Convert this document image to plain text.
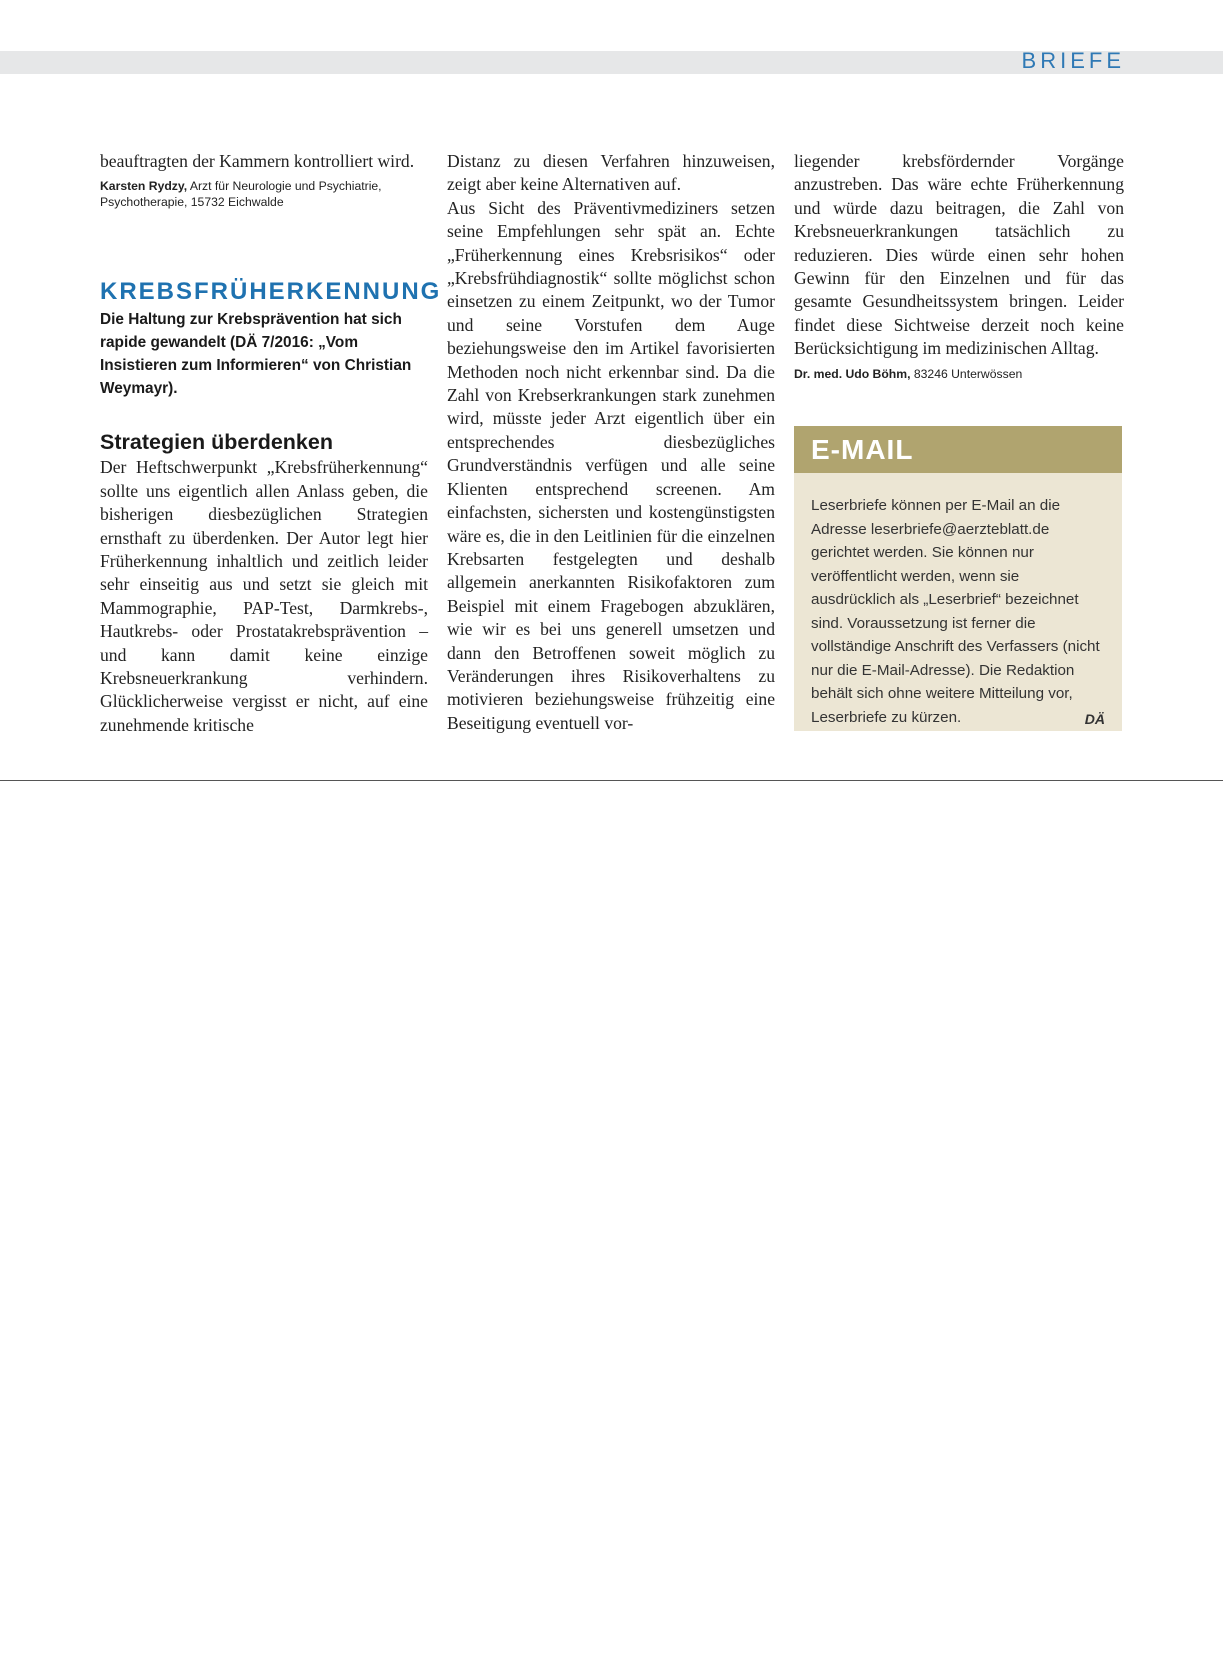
BRIEFE

beauftragten der Kammern kontrolliert wird.

Karsten Rydzy, Arzt für Neurologie und Psychiatrie, Psychotherapie, 15732 Eichwalde

KREBSFRÜHERKENNUNG

Die Haltung zur Krebsprävention hat sich rapide gewandelt (DÄ 7/2016: „Vom Insistieren zum Informieren“ von Christian Weymayr).

Strategien überdenken

Der Heftschwerpunkt „Krebsfrüherkennung“ sollte uns eigentlich allen Anlass geben, die bisherigen diesbezüglichen Strategien ernsthaft zu überdenken. Der Autor legt hier Früherkennung inhaltlich und zeitlich leider sehr einseitig aus und setzt sie gleich mit Mammographie, PAP-Test, Darmkrebs-, Hautkrebs- oder Prostatakrebsprävention – und kann damit keine einzige Krebsneuerkrankung verhindern. Glücklicherweise vergisst er nicht, auf eine zunehmende kritische

Distanz zu diesen Verfahren hinzuweisen, zeigt aber keine Alternativen auf.

Aus Sicht des Präventivmediziners setzen seine Empfehlungen sehr spät an. Echte „Früherkennung eines Krebsrisikos“ oder „Krebsfrühdiagnostik“ sollte möglichst schon einsetzen zu einem Zeitpunkt, wo der Tumor und seine Vorstufen dem Auge beziehungsweise den im Artikel favorisierten Methoden noch nicht erkennbar sind. Da die Zahl von Krebserkrankungen stark zunehmen wird, müsste jeder Arzt eigentlich über ein entsprechendes diesbezügliches Grundverständnis verfügen und alle seine Klienten entsprechend screenen. Am einfachsten, sichersten und kostengünstigsten wäre es, die in den Leitlinien für die einzelnen Krebsarten festgelegten und deshalb allgemein anerkannten Risikofaktoren zum Beispiel mit einem Fragebogen abzuklären, wie wir es bei uns generell umsetzen und dann den Betroffenen soweit möglich zu Veränderungen ihres Risikoverhaltens zu motivieren beziehungsweise frühzeitig eine Beseitigung eventuell vor-

liegender krebsfördernder Vorgänge anzustreben. Das wäre echte Früherkennung und würde dazu beitragen, die Zahl von Krebsneuerkrankungen tatsächlich zu reduzieren. Dies würde einen sehr hohen Gewinn für den Einzelnen und für das gesamte Gesundheitssystem bringen. Leider findet diese Sichtweise derzeit noch keine Berücksichtigung im medizinischen Alltag.

Dr. med. Udo Böhm, 83246 Unterwössen

E-MAIL
Leserbriefe können per E-Mail an die Adresse leserbriefe@aerzteblatt.de gerichtet werden. Sie können nur veröffentlicht werden, wenn sie ausdrücklich als „Leserbrief“ bezeichnet sind. Voraussetzung ist ferner die vollständige Anschrift des Verfassers (nicht nur die E-Mail-Adresse). Die Redaktion behält sich ohne weitere Mitteilung vor, Leserbriefe zu kürzen.	DÄ
